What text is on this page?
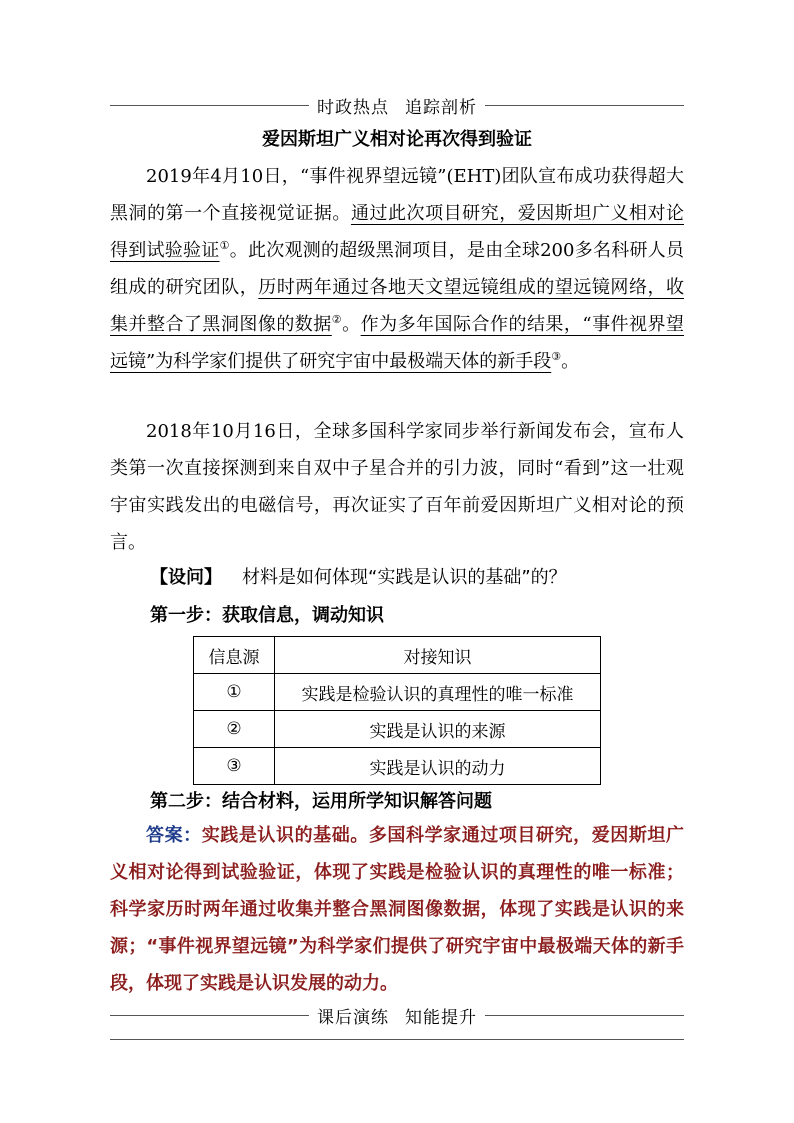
时政热点 追踪剖析
爱因斯坦广义相对论再次得到验证
2019年4月10日，“事件视界望远镜”(EHT)团队宣布成功获得超大黑洞的第一个直接视觉证据。通过此次项目研究，爱因斯坦广义相对论得到试验验证①。此次观测的超级黑洞项目，是由全球200多名科研人员组成的研究团队，历时两年通过各地天文望远镜组成的望远镜网络，收集并整合了黑洞图像的数据②。作为多年国际合作的结果，“事件视界望远镜”为科学家们提供了研究宇宙中最极端天体的新手段③。
2018年10月16日，全球多国科学家同步举行新闻发布会，宣布人类第一次直接探测到来自双中子星合并的引力波，同时“看到”这一壮观宇宙实践发出的电磁信号，再次证实了百年前爱因斯坦广义相对论的预言。
【设问】 材料是如何体现“实践是认识的基础”的？
第一步：获取信息，调动知识
信息源	对接知识
①	实践是检验认识的真理性的唯一标准
②	实践是认识的来源
③	实践是认识的动力
第二步：结合材料，运用所学知识解答问题
答案：实践是认识的基础。多国科学家通过项目研究，爱因斯坦广义相对论得到试验验证，体现了实践是检验认识的真理性的唯一标准；科学家历时两年通过收集并整合黑洞图像数据，体现了实践是认识的来源；“事件视界望远镜”为科学家们提供了研究宇宙中最极端天体的新手段，体现了实践是认识发展的动力。
课后演练 知能提升
